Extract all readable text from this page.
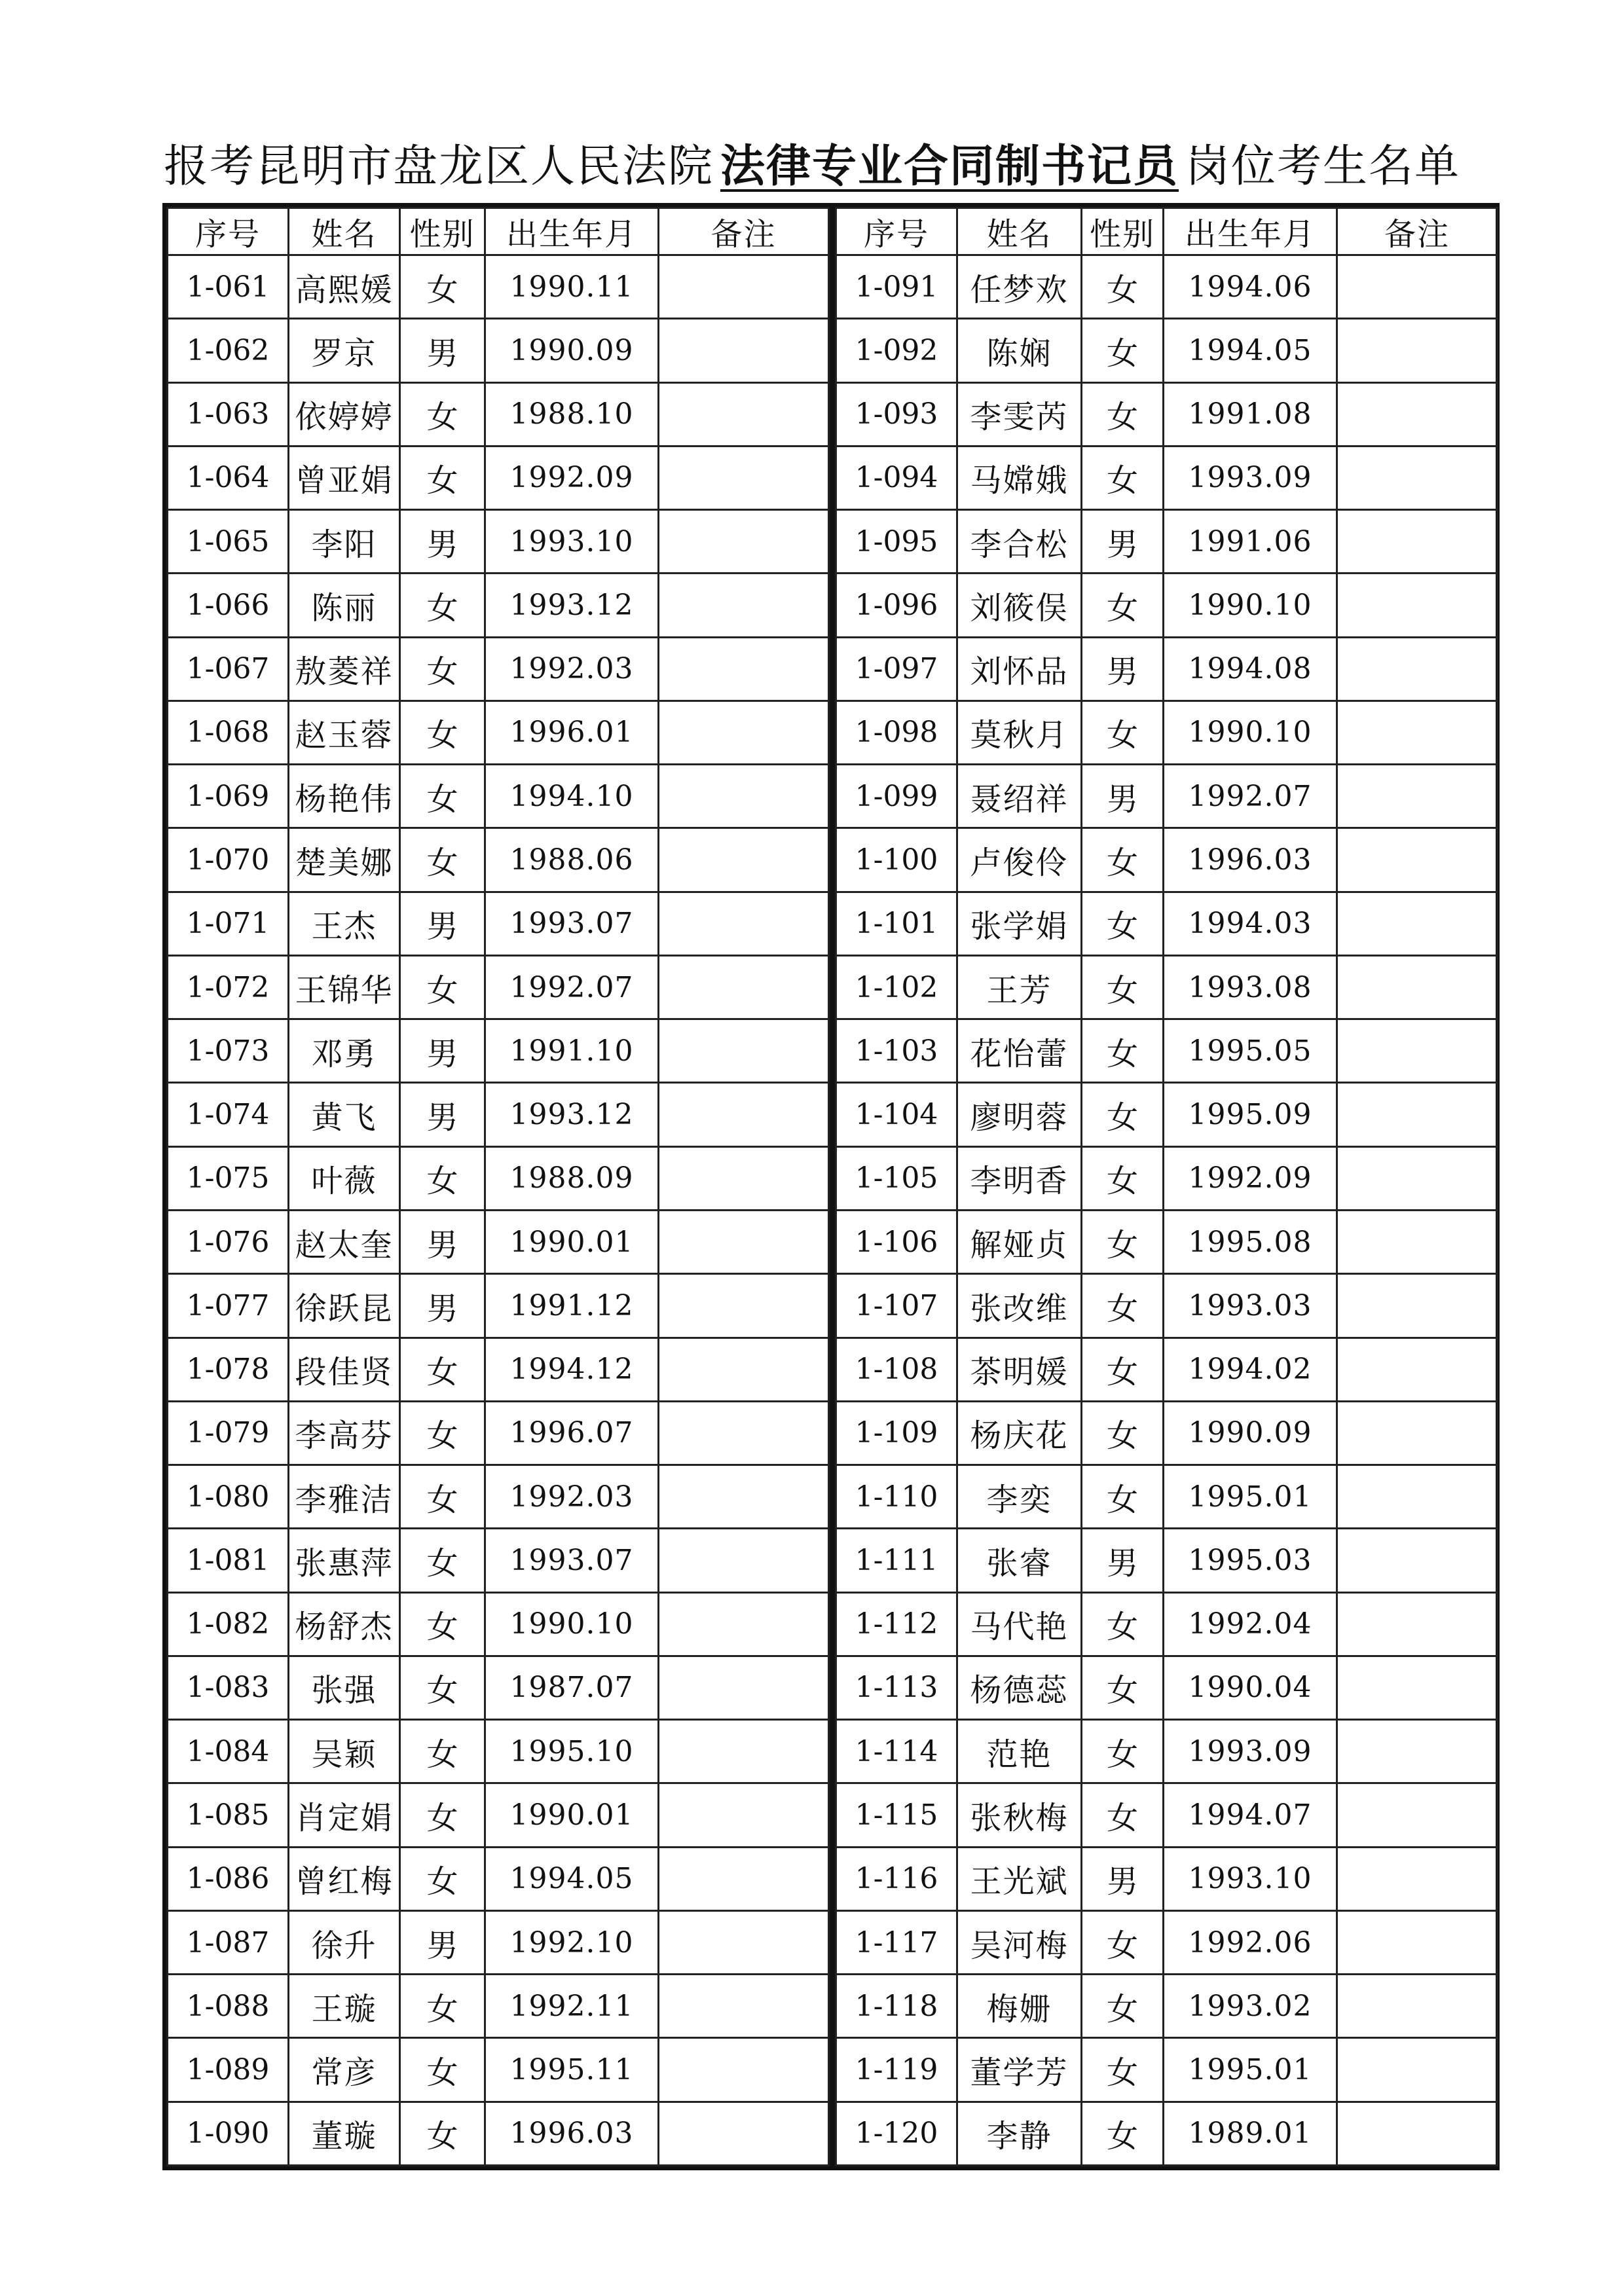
报考昆明市盘龙区人民法院 法律专业合同制书记员 岗位考生名单
序号	姓名	性别	出生年月	备注
1-061	高熙媛	女	1990.11	
1-062	罗京	男	1990.09	
1-063	依婷婷	女	1988.10	
1-064	曾亚娟	女	1992.09	
1-065	李阳	男	1993.10	
1-066	陈丽	女	1993.12	
1-067	敖菱祥	女	1992.03	
1-068	赵玉蓉	女	1996.01	
1-069	杨艳伟	女	1994.10	
1-070	楚美娜	女	1988.06	
1-071	王杰	男	1993.07	
1-072	王锦华	女	1992.07	
1-073	邓勇	男	1991.10	
1-074	黄飞	男	1993.12	
1-075	叶薇	女	1988.09	
1-076	赵太奎	男	1990.01	
1-077	徐跃昆	男	1991.12	
1-078	段佳贤	女	1994.12	
1-079	李高芬	女	1996.07	
1-080	李雅洁	女	1992.03	
1-081	张惠萍	女	1993.07	
1-082	杨舒杰	女	1990.10	
1-083	张强	女	1987.07	
1-084	吴颖	女	1995.10	
1-085	肖定娟	女	1990.01	
1-086	曾红梅	女	1994.05	
1-087	徐升	男	1992.10	
1-088	王璇	女	1992.11	
1-089	常彦	女	1995.11	
1-090	董璇	女	1996.03	
序号	姓名	性别	出生年月	备注
1-091	任梦欢	女	1994.06	
1-092	陈娴	女	1994.05	
1-093	李雯芮	女	1991.08	
1-094	马嫦娥	女	1993.09	
1-095	李合松	男	1991.06	
1-096	刘筱俣	女	1990.10	
1-097	刘怀品	男	1994.08	
1-098	莫秋月	女	1990.10	
1-099	聂绍祥	男	1992.07	
1-100	卢俊伶	女	1996.03	
1-101	张学娟	女	1994.03	
1-102	王芳	女	1993.08	
1-103	花怡蕾	女	1995.05	
1-104	廖明蓉	女	1995.09	
1-105	李明香	女	1992.09	
1-106	解娅贞	女	1995.08	
1-107	张改维	女	1993.03	
1-108	茶明媛	女	1994.02	
1-109	杨庆花	女	1990.09	
1-110	李奕	女	1995.01	
1-111	张睿	男	1995.03	
1-112	马代艳	女	1992.04	
1-113	杨德蕊	女	1990.04	
1-114	范艳	女	1993.09	
1-115	张秋梅	女	1994.07	
1-116	王光斌	男	1993.10	
1-117	吴河梅	女	1992.06	
1-118	梅姗	女	1993.02	
1-119	董学芳	女	1995.01	
1-120	李静	女	1989.01	
